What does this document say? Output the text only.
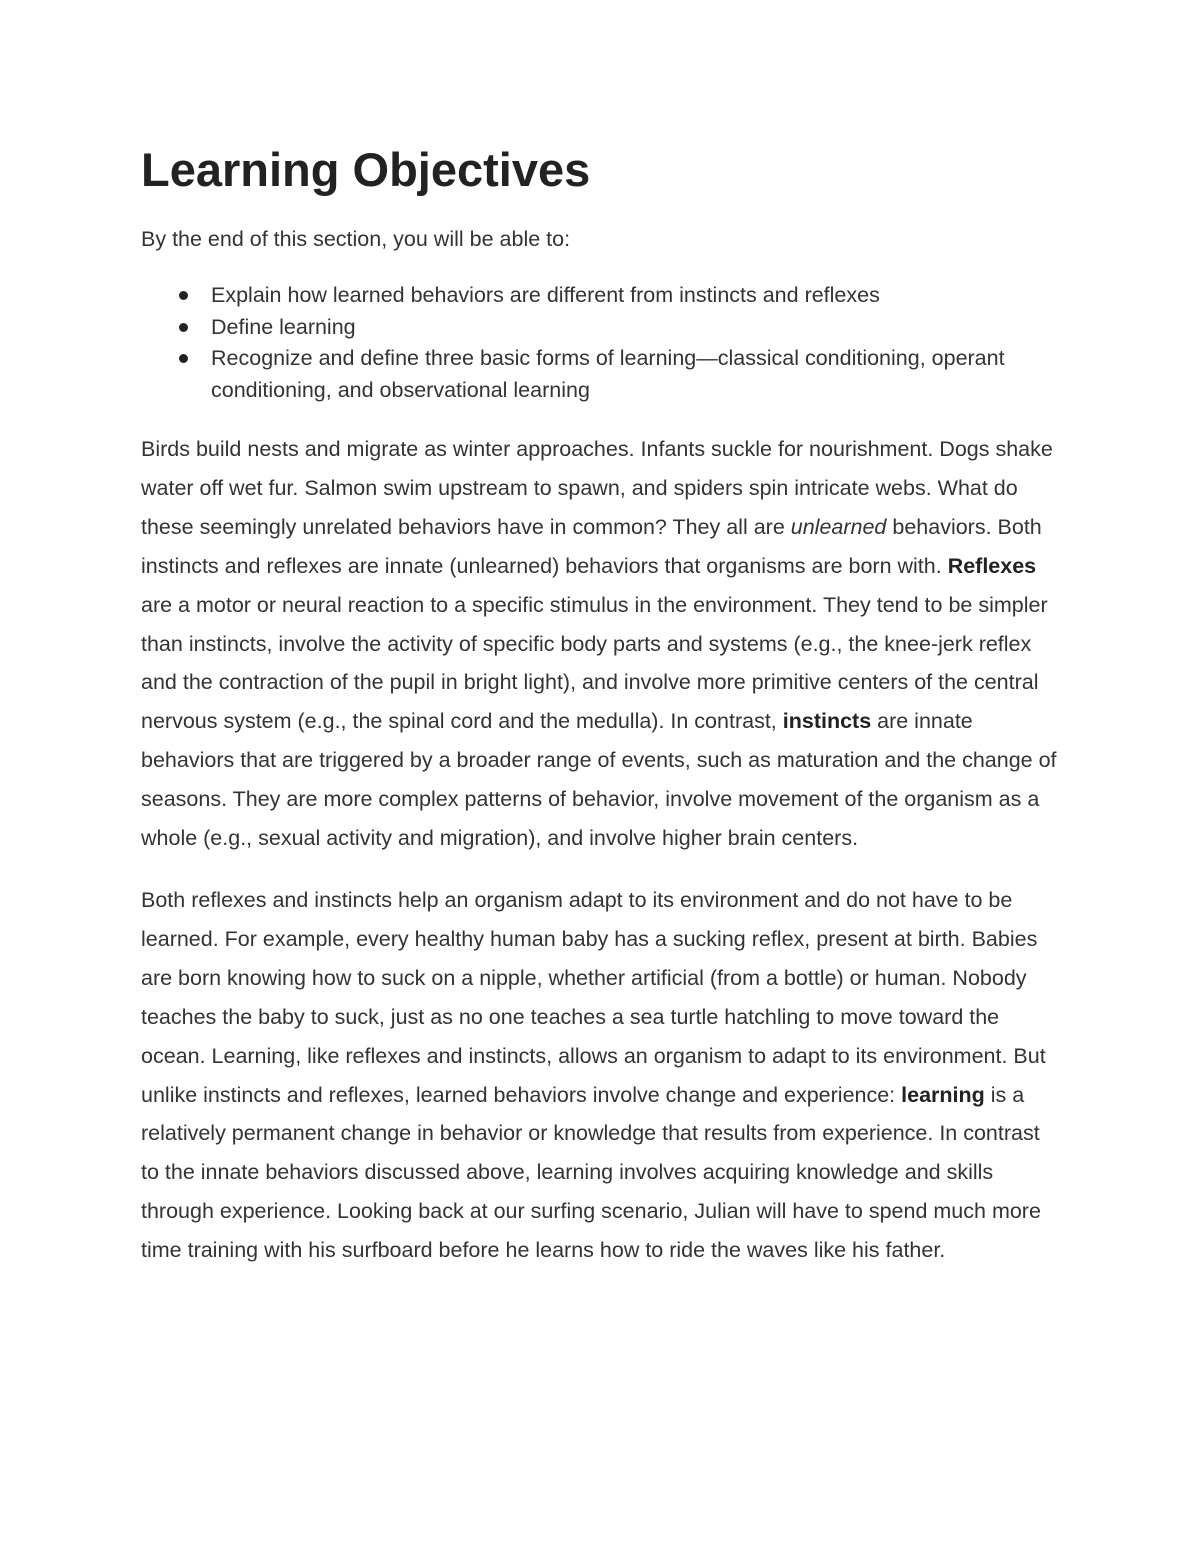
Learning Objectives

By the end of this section, you will be able to:

Explain how learned behaviors are different from instincts and reflexes
Define learning
Recognize and define three basic forms of learning—classical conditioning, operant conditioning, and observational learning

Birds build nests and migrate as winter approaches. Infants suckle for nourishment. Dogs shake water off wet fur. Salmon swim upstream to spawn, and spiders spin intricate webs. What do these seemingly unrelated behaviors have in common? They all are unlearned behaviors. Both instincts and reflexes are innate (unlearned) behaviors that organisms are born with. Reflexes are a motor or neural reaction to a specific stimulus in the environment. They tend to be simpler than instincts, involve the activity of specific body parts and systems (e.g., the knee-jerk reflex and the contraction of the pupil in bright light), and involve more primitive centers of the central nervous system (e.g., the spinal cord and the medulla). In contrast, instincts are innate behaviors that are triggered by a broader range of events, such as maturation and the change of seasons. They are more complex patterns of behavior, involve movement of the organism as a whole (e.g., sexual activity and migration), and involve higher brain centers.

Both reflexes and instincts help an organism adapt to its environment and do not have to be learned. For example, every healthy human baby has a sucking reflex, present at birth. Babies are born knowing how to suck on a nipple, whether artificial (from a bottle) or human. Nobody teaches the baby to suck, just as no one teaches a sea turtle hatchling to move toward the ocean. Learning, like reflexes and instincts, allows an organism to adapt to its environment. But unlike instincts and reflexes, learned behaviors involve change and experience: learning is a relatively permanent change in behavior or knowledge that results from experience. In contrast to the innate behaviors discussed above, learning involves acquiring knowledge and skills through experience. Looking back at our surfing scenario, Julian will have to spend much more time training with his surfboard before he learns how to ride the waves like his father.
